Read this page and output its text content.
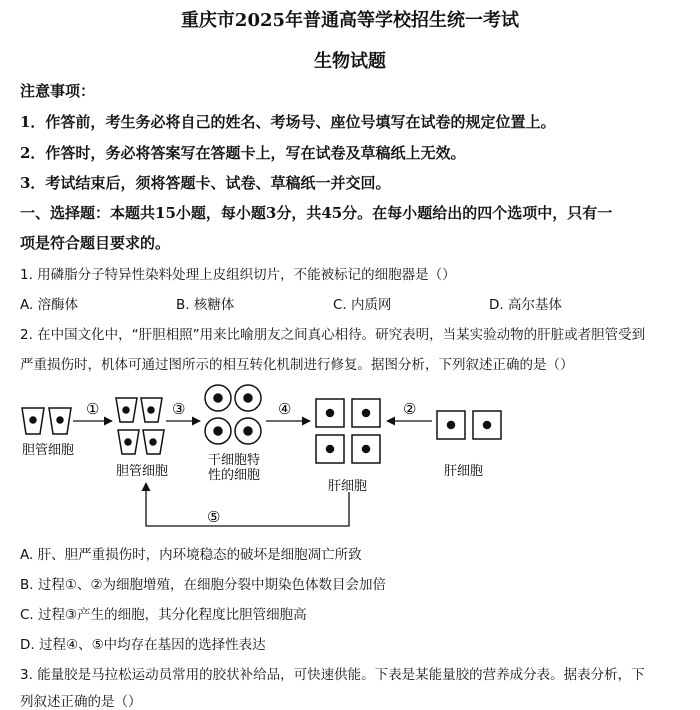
重庆市2025年普通高等学校招生统一考试
生物试题
注意事项：
1．作答前，考生务必将自己的姓名、考场号、座位号填写在试卷的规定位置上。
2．作答时，务必将答案写在答题卡上，写在试卷及草稿纸上无效。
3．考试结束后，须将答题卡、试卷、草稿纸一并交回。
一、选择题：本题共15小题，每小题3分，共45分。在每小题给出的四个选项中，只有一
项是符合题目要求的。
1. 用磷脂分子特异性染料处理上皮组织切片，不能被标记的细胞器是（）
A. 溶酶体	B. 核糖体	C. 内质网	D. 高尔基体
2. 在中国文化中，“肝胆相照”用来比喻朋友之间真心相待。研究表明，当某实验动物的肝脏或者胆管受到
严重损伤时，机体可通过图所示的相互转化机制进行修复。据图分析，下列叙述正确的是（）
胆管细胞
①
胆管细胞
③
干细胞特
性的细胞
④
肝细胞
②
肝细胞
⑤
A. 肝、胆严重损伤时，内环境稳态的破坏是细胞凋亡所致
B. 过程①、②为细胞增殖，在细胞分裂中期染色体数目会加倍
C. 过程③产生的细胞，其分化程度比胆管细胞高
D. 过程④、⑤中均存在基因的选择性表达
3. 能量胶是马拉松运动员常用的胶状补给品，可快速供能。下表是某能量胶的营养成分表。据表分析，下
列叙述正确的是（）
